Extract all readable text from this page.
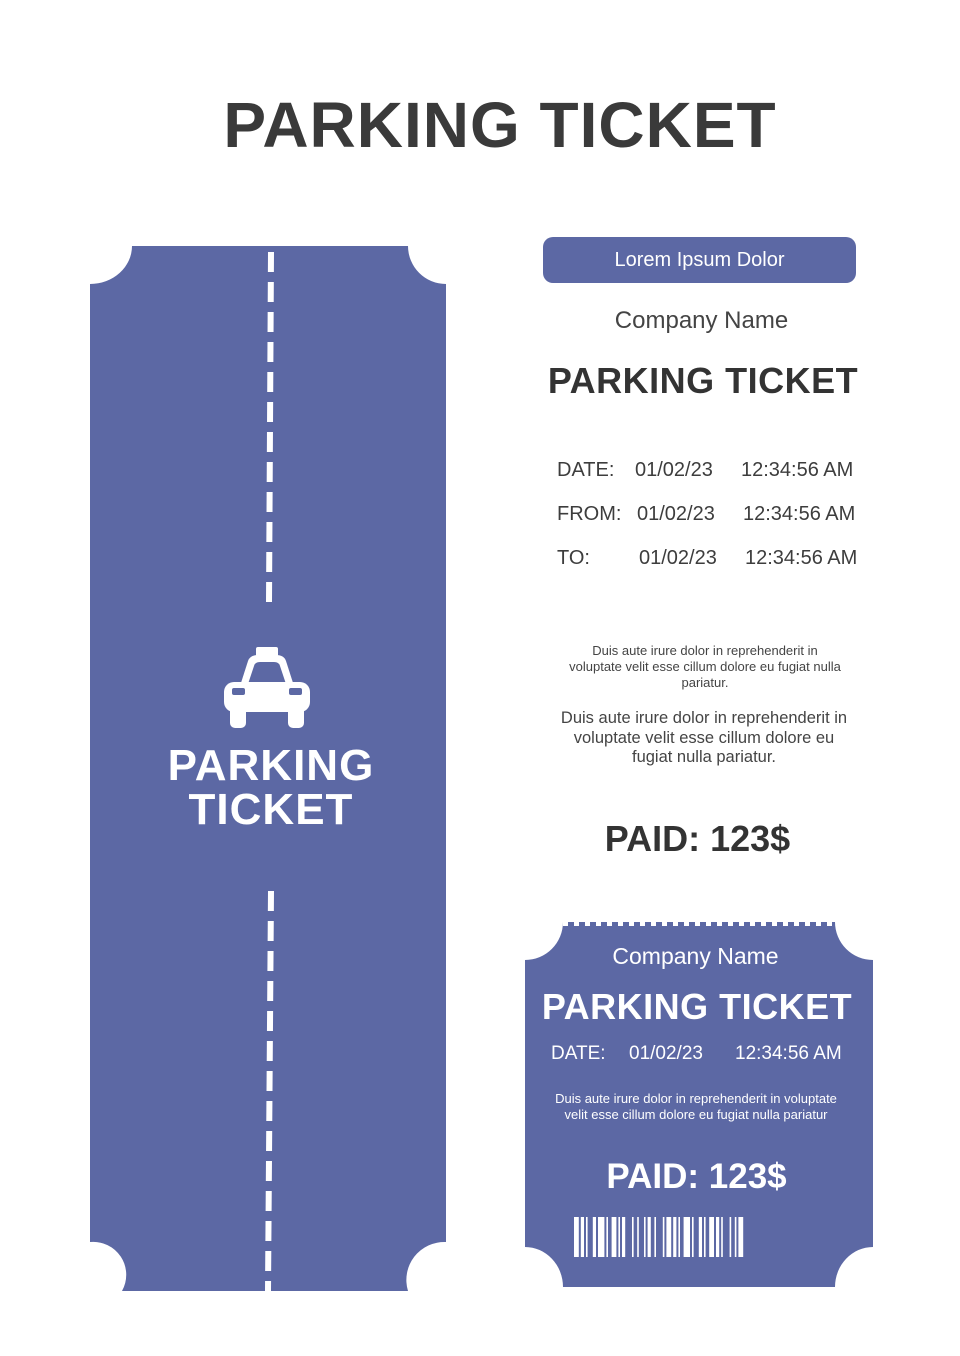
PARKING TICKET
PARKING
TICKET
Lorem Ipsum Dolor
Company Name
PARKING TICKET
DATE: 01/02/23 12:34:56 AM
FROM: 01/02/23 12:34:56 AM
TO: 01/02/23 12:34:56 AM
Duis aute irure dolor in reprehenderit in voluptate velit esse cillum dolore eu fugiat nulla pariatur.
Duis aute irure dolor in reprehenderit in voluptate velit esse cillum dolore eu fugiat nulla pariatur.
PAID: 123$
Company Name
PARKING TICKET
DATE: 01/02/23 12:34:56 AM
Duis aute irure dolor in reprehenderit in voluptate velit esse cillum dolore eu fugiat nulla pariatur
PAID: 123$
